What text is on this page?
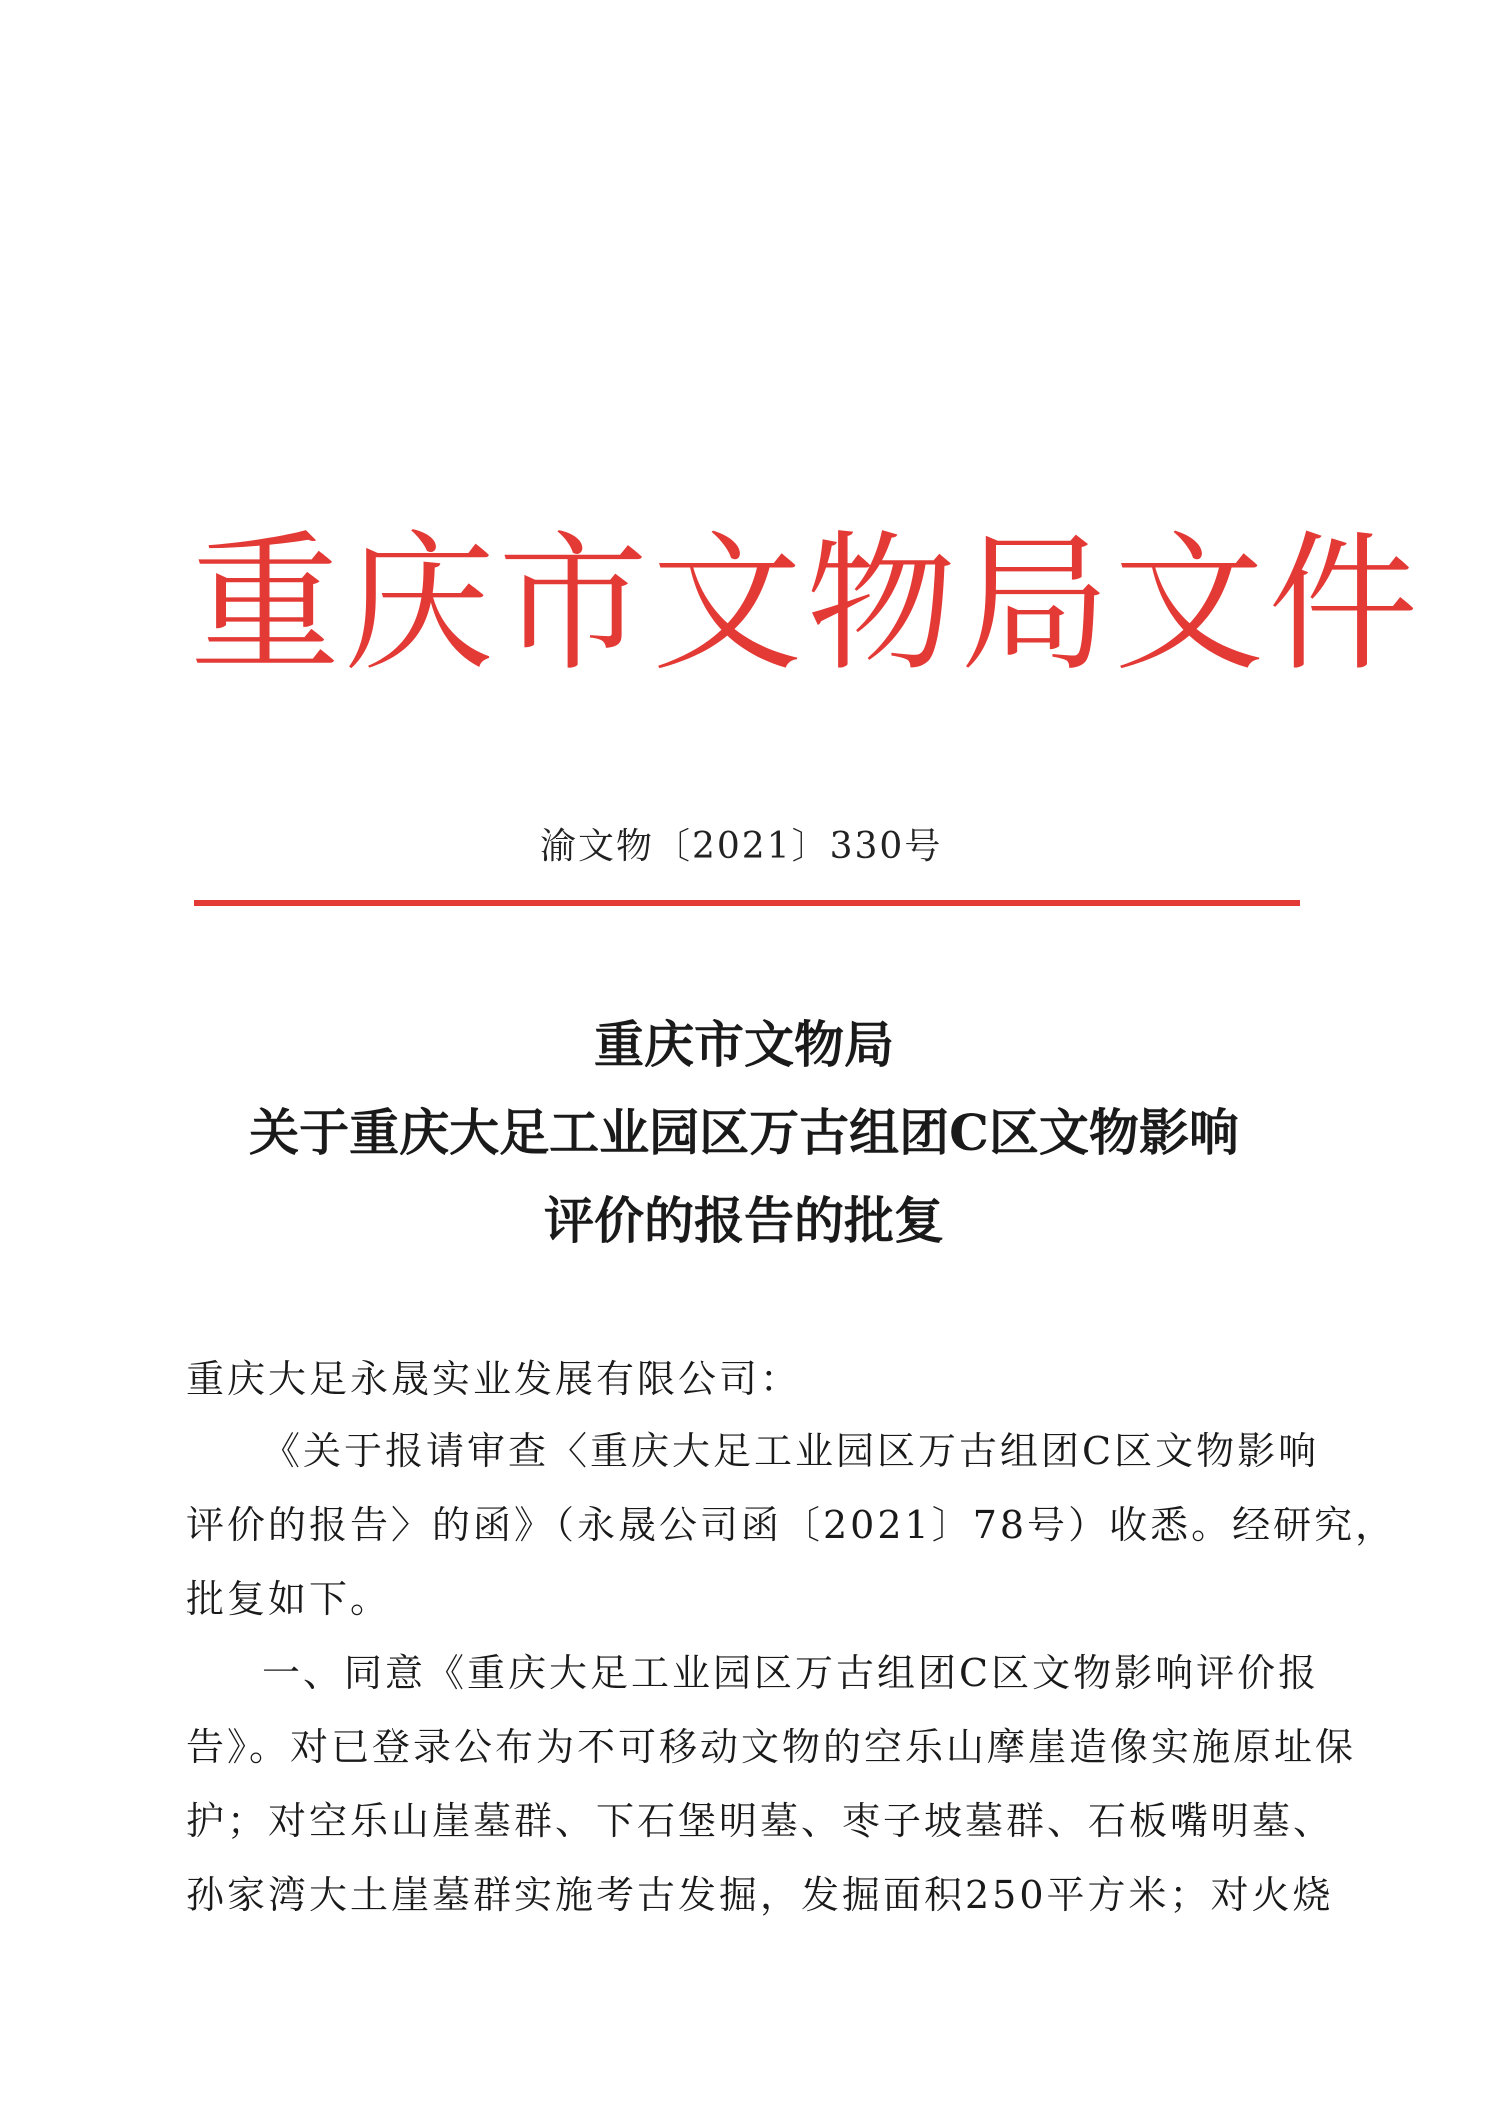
重庆市文物局文件
渝文物〔2021〕330号
重庆市文物局
关于重庆大足工业园区万古组团C区文物影响
评价的报告的批复
重庆大足永晟实业发展有限公司：
《关于报请审查〈重庆大足工业园区万古组团C区文物影响
评价的报告〉的函》（永晟公司函〔2021〕78号）收悉。经研究，
批复如下。
一、同意《重庆大足工业园区万古组团C区文物影响评价报
告》。对已登录公布为不可移动文物的空乐山摩崖造像实施原址保
护；对空乐山崖墓群、下石堡明墓、枣子坡墓群、石板嘴明墓、
孙家湾大土崖墓群实施考古发掘，发掘面积250平方米；对火烧
